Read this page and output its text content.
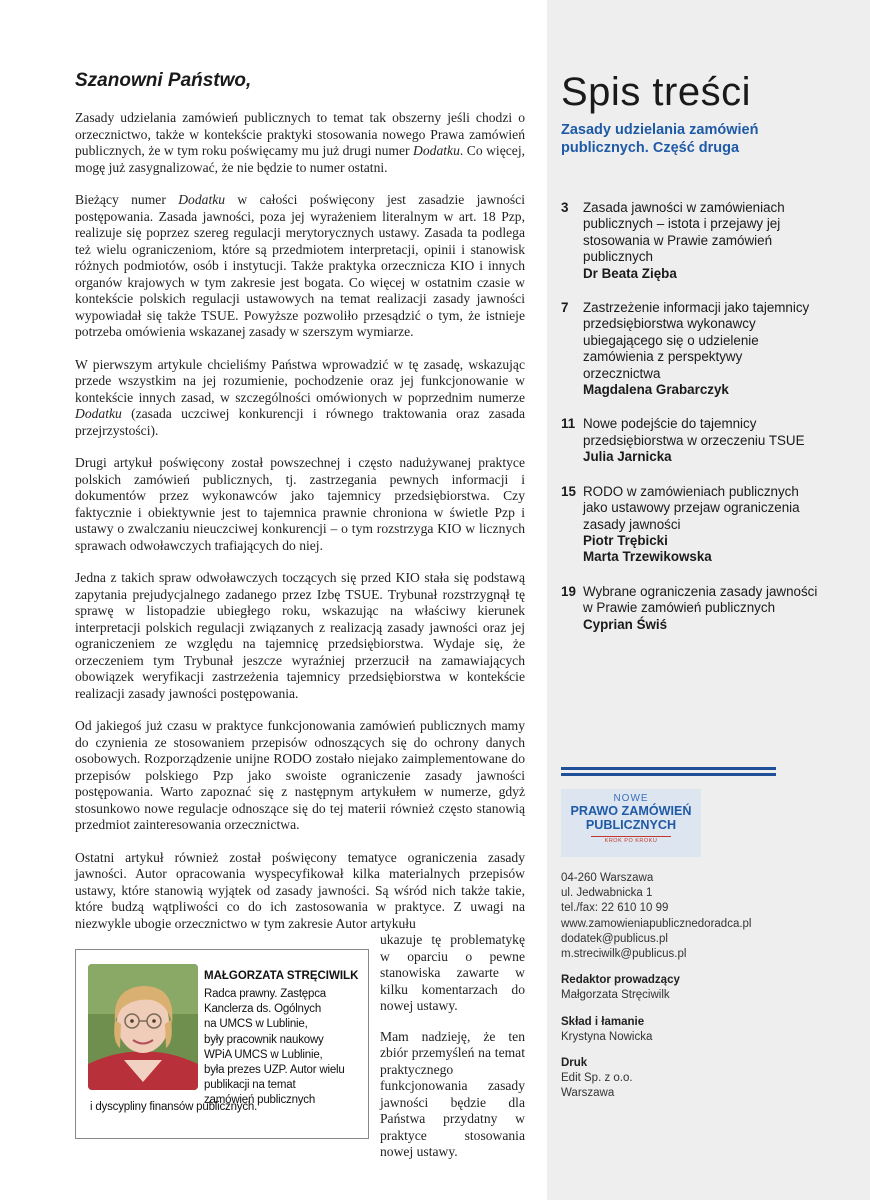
Szanowni Państwo,

Zasady udzielania zamówień publicznych to temat tak obszerny jeśli chodzi o orzecznictwo, także w kontekście praktyki stosowania nowego Prawa zamówień publicznych, że w tym roku poświęcamy mu już drugi numer Dodatku. Co więcej, mogę już zasygnalizować, że nie będzie to numer ostatni.

Bieżący numer Dodatku w całości poświęcony jest zasadzie jawności postępowania. Zasada jawności, poza jej wyrażeniem literalnym w art. 18 Pzp, realizuje się poprzez szereg regulacji merytorycznych ustawy. Zasada ta podlega też wielu ograniczeniom, które są przedmiotem interpretacji, opinii i stanowisk różnych podmiotów, osób i instytucji. Także praktyka orzecznicza KIO i innych organów krajowych w tym zakresie jest bogata. Co więcej w ostatnim czasie w kontekście polskich regulacji ustawowych na temat realizacji zasady jawności wypowiadał się także TSUE. Powyższe pozwoliło przesądzić o tym, że istnieje potrzeba omówienia wskazanej zasady w szerszym wymiarze.

W pierwszym artykule chcieliśmy Państwa wprowadzić w tę zasadę, wskazując przede wszystkim na jej rozumienie, pochodzenie oraz jej funkcjonowanie w kontekście innych zasad, w szczególności omówionych w poprzednim numerze Dodatku (zasada uczciwej konkurencji i równego traktowania oraz zasada przejrzystości).

Drugi artykuł poświęcony został powszechnej i często nadużywanej praktyce polskich zamówień publicznych, tj. zastrzegania pewnych informacji i dokumentów przez wykonawców jako tajemnicy przedsiębiorstwa. Czy faktycznie i obiektywnie jest to tajemnica prawnie chroniona w świetle Pzp i ustawy o zwalczaniu nieuczciwej konkurencji – o tym rozstrzyga KIO w licznych sprawach odwoławczych trafiających do niej.

Jedna z takich spraw odwoławczych toczących się przed KIO stała się podstawą zapytania prejudycjalnego zadanego przez Izbę TSUE. Trybunał rozstrzygnął tę sprawę w listopadzie ubiegłego roku, wskazując na właściwy kierunek interpretacji polskich regulacji związanych z realizacją zasady jawności oraz jej ograniczeniem ze względu na tajemnicę przedsiębiorstwa. Wydaje się, że orzeczeniem tym Trybunał jeszcze wyraźniej przerzucił na zamawiających obowiązek weryfikacji zastrzeżenia tajemnicy przedsiębiorstwa w kontekście realizacji zasady jawności postępowania.

Od jakiegoś już czasu w praktyce funkcjonowania zamówień publicznych mamy do czynienia ze stosowaniem przepisów odnoszących się do ochrony danych osobowych. Rozporządzenie unijne RODO zostało niejako zaimplementowane do przepisów polskiego Pzp jako swoiste ograniczenie zasady jawności postępowania. Warto zapoznać się z następnym artykułem w numerze, gdyż stosunkowo nowe regulacje odnoszące się do tej materii również często stanowią przedmiot zainteresowania orzecznictwa.

Ostatni artykuł również został poświęcony tematyce ograniczenia zasady jawności. Autor opracowania wyspecyfikował kilka materialnych przepisów ustawy, które stanowią wyjątek od zasady jawności. Są wśród nich także takie, które budzą wątpliwości co do ich zastosowania w praktyce. Z uwagi na niezwykle ubogie orzecznictwo w tym zakresie Autor artykułu

MAŁGORZATA STRĘCIWILK
Radca prawny. Zastępca
Kanclerza ds. Ogólnych
na UMCS w Lublinie,
były pracownik naukowy
WPiA UMCS w Lublinie,
była prezes UZP. Autor wielu
publikacji na temat
zamówień publicznych
i dyscypliny finansów publicznych.

ukazuje tę problematykę w oparciu o pewne stanowiska zawarte w kilku komentarzach do nowej ustawy.

Mam nadzieję, że ten zbiór przemyśleń na temat praktycznego funkcjonowania zasady jawności będzie dla Państwa przydatny w praktyce stosowania nowej ustawy.

Spis treści
Zasady udzielania zamówień publicznych. Część druga
3 Zasada jawności w zamówieniach publicznych – istota i przejawy jej stosowania w Prawie zamówień publicznych
Dr Beata Zięba
7 Zastrzeżenie informacji jako tajemnicy przedsiębiorstwa wykonawcy ubiegającego się o udzielenie zamówienia z perspektywy orzecznictwa
Magdalena Grabarczyk
11 Nowe podejście do tajemnicy przedsiębiorstwa w orzeczeniu TSUE
Julia Jarnicka
15 RODO w zamówieniach publicznych jako ustawowy przejaw ograniczenia zasady jawności
Piotr Trębicki
Marta Trzewikowska
19 Wybrane ograniczenia zasady jawności w Prawie zamówień publicznych
Cyprian Świś
NOWE
PRAWO ZAMÓWIEŃ
PUBLICZNYCH
KROK PO KROKU
04-260 Warszawa
ul. Jedwabnicka 1
tel./fax: 22 610 10 99
www.zamowieniapublicznedoradca.pl
dodatek@publicus.pl
m.streciwilk@publicus.pl
Redaktor prowadzący
Małgorzata Stręciwilk
Skład i łamanie
Krystyna Nowicka
Druk
Edit Sp. z o.o.
Warszawa
